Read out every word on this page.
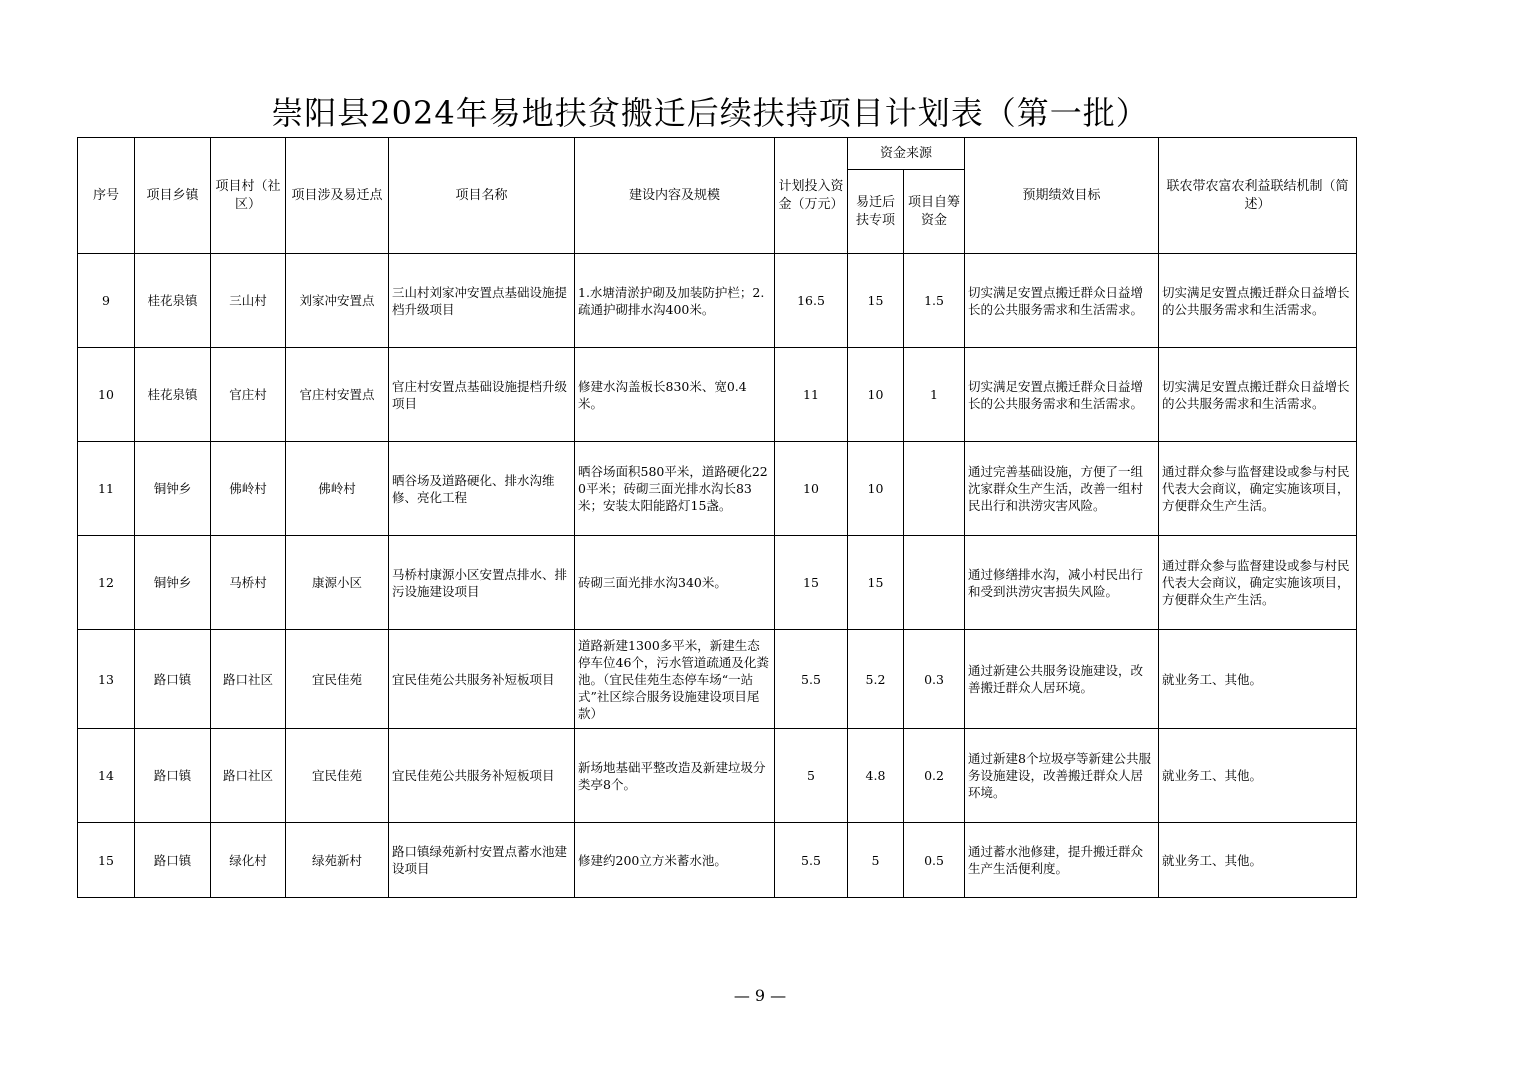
崇阳县2024年易地扶贫搬迁后续扶持项目计划表（第一批）
序号	项目乡镇	项目村（社区）	项目涉及易迁点	项目名称	建设内容及规模	计划投入资金（万元）	资金来源		预期绩效目标	联农带农富农利益联结机制（简述）
							易迁后扶专项	项目自筹资金		
9	桂花泉镇	三山村	刘家冲安置点	三山村刘家冲安置点基础设施提档升级项目	1.水塘清淤护砌及加装防护栏；2.疏通护砌排水沟400米。	16.5	15	1.5	切实满足安置点搬迁群众日益增长的公共服务需求和生活需求。	切实满足安置点搬迁群众日益增长的公共服务需求和生活需求。
10	桂花泉镇	官庄村	官庄村安置点	官庄村安置点基础设施提档升级项目	修建水沟盖板长830米、宽0.4米。	11	10	1	切实满足安置点搬迁群众日益增长的公共服务需求和生活需求。	切实满足安置点搬迁群众日益增长的公共服务需求和生活需求。
11	铜钟乡	佛岭村	佛岭村	晒谷场及道路硬化、排水沟维修、亮化工程	晒谷场面积580平米，道路硬化220平米；砖砌三面光排水沟长83米；安装太阳能路灯15盏。	10	10		通过完善基础设施，方便了一组沈家群众生产生活，改善一组村民出行和洪涝灾害风险。	通过群众参与监督建设或参与村民代表大会商议，确定实施该项目，方便群众生产生活。
12	铜钟乡	马桥村	康源小区	马桥村康源小区安置点排水、排污设施建设项目	砖砌三面光排水沟340米。	15	15		通过修缮排水沟，减小村民出行和受到洪涝灾害损失风险。	通过群众参与监督建设或参与村民代表大会商议，确定实施该项目，方便群众生产生活。
13	路口镇	路口社区	宜民佳苑	宜民佳苑公共服务补短板项目	道路新建1300多平米，新建生态停车位46个，污水管道疏通及化粪池。（宜民佳苑生态停车场“一站式”社区综合服务设施建设项目尾款）	5.5	5.2	0.3	通过新建公共服务设施建设，改善搬迁群众人居环境。	就业务工、其他。
14	路口镇	路口社区	宜民佳苑	宜民佳苑公共服务补短板项目	新场地基础平整改造及新建垃圾分类亭8个。	5	4.8	0.2	通过新建8个垃圾亭等新建公共服务设施建设，改善搬迁群众人居环境。	就业务工、其他。
15	路口镇	绿化村	绿苑新村	路口镇绿苑新村安置点蓄水池建设项目	修建约200立方米蓄水池。	5.5	5	0.5	通过蓄水池修建，提升搬迁群众生产生活便利度。	就业务工、其他。
— 9 —
